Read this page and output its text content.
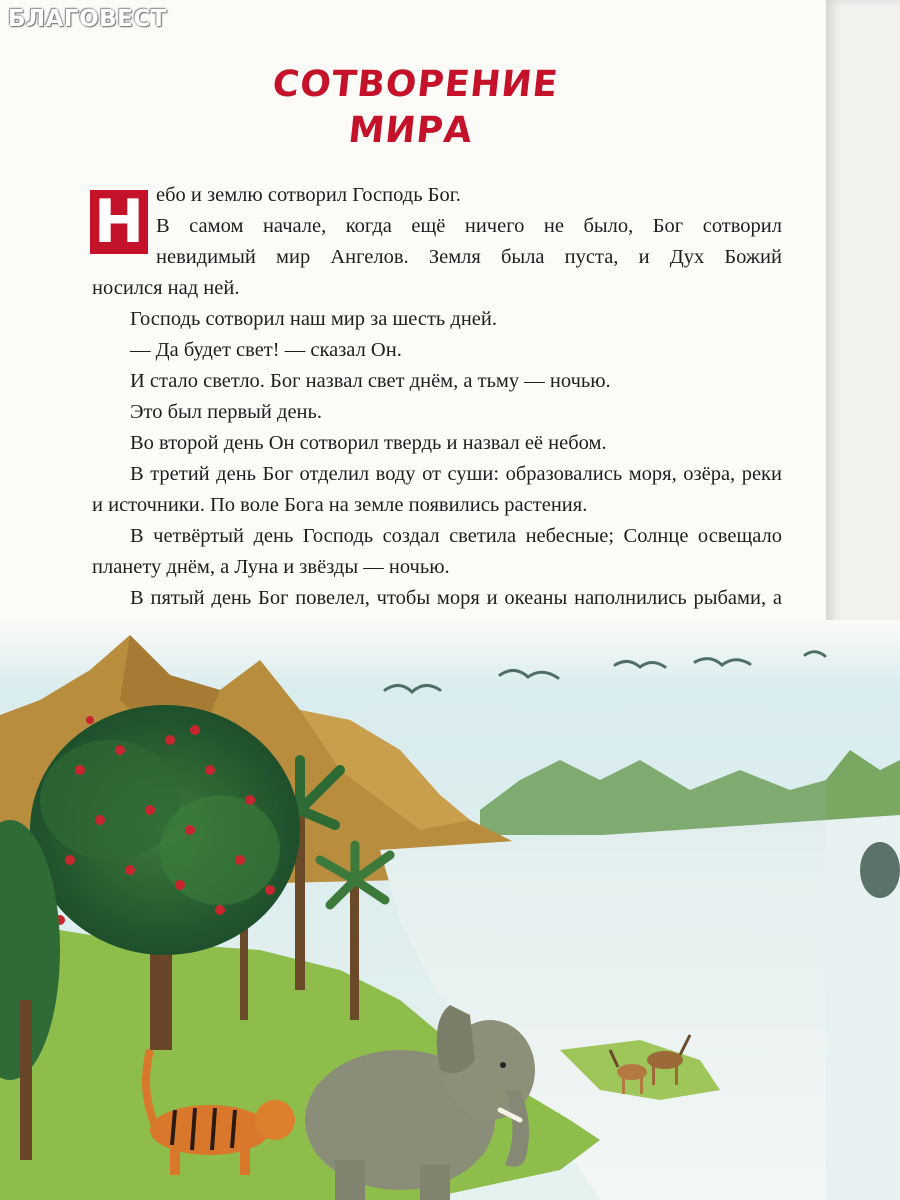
СОТВОРЕНИЕ
МИРА
Н ебо и землю сотворил Господь Бог.

В самом начале, когда ещё ничего не было, Бог сотворил

невидимый мир Ангелов. Земля была пуста, и Дух Божий

носился над ней.

Господь сотворил наш мир за шесть дней.

— Да будет свет! — сказал Он.

И стало светло. Бог назвал свет днём, а тьму — ночью.

Это был первый день.

Во второй день Он сотворил твердь и назвал её небом.

В третий день Бог отделил воду от суши: образовались моря, озёра, реки и источники. По воле Бога на земле появились растения.

В четвёртый день Господь создал светила небесные; Солнце освещало планету днём, а Луна и звёзды — ночью.

В пятый день Бог повелел, чтобы моря и океаны наполнились рыбами, а

БЛАГОВЕСТ
